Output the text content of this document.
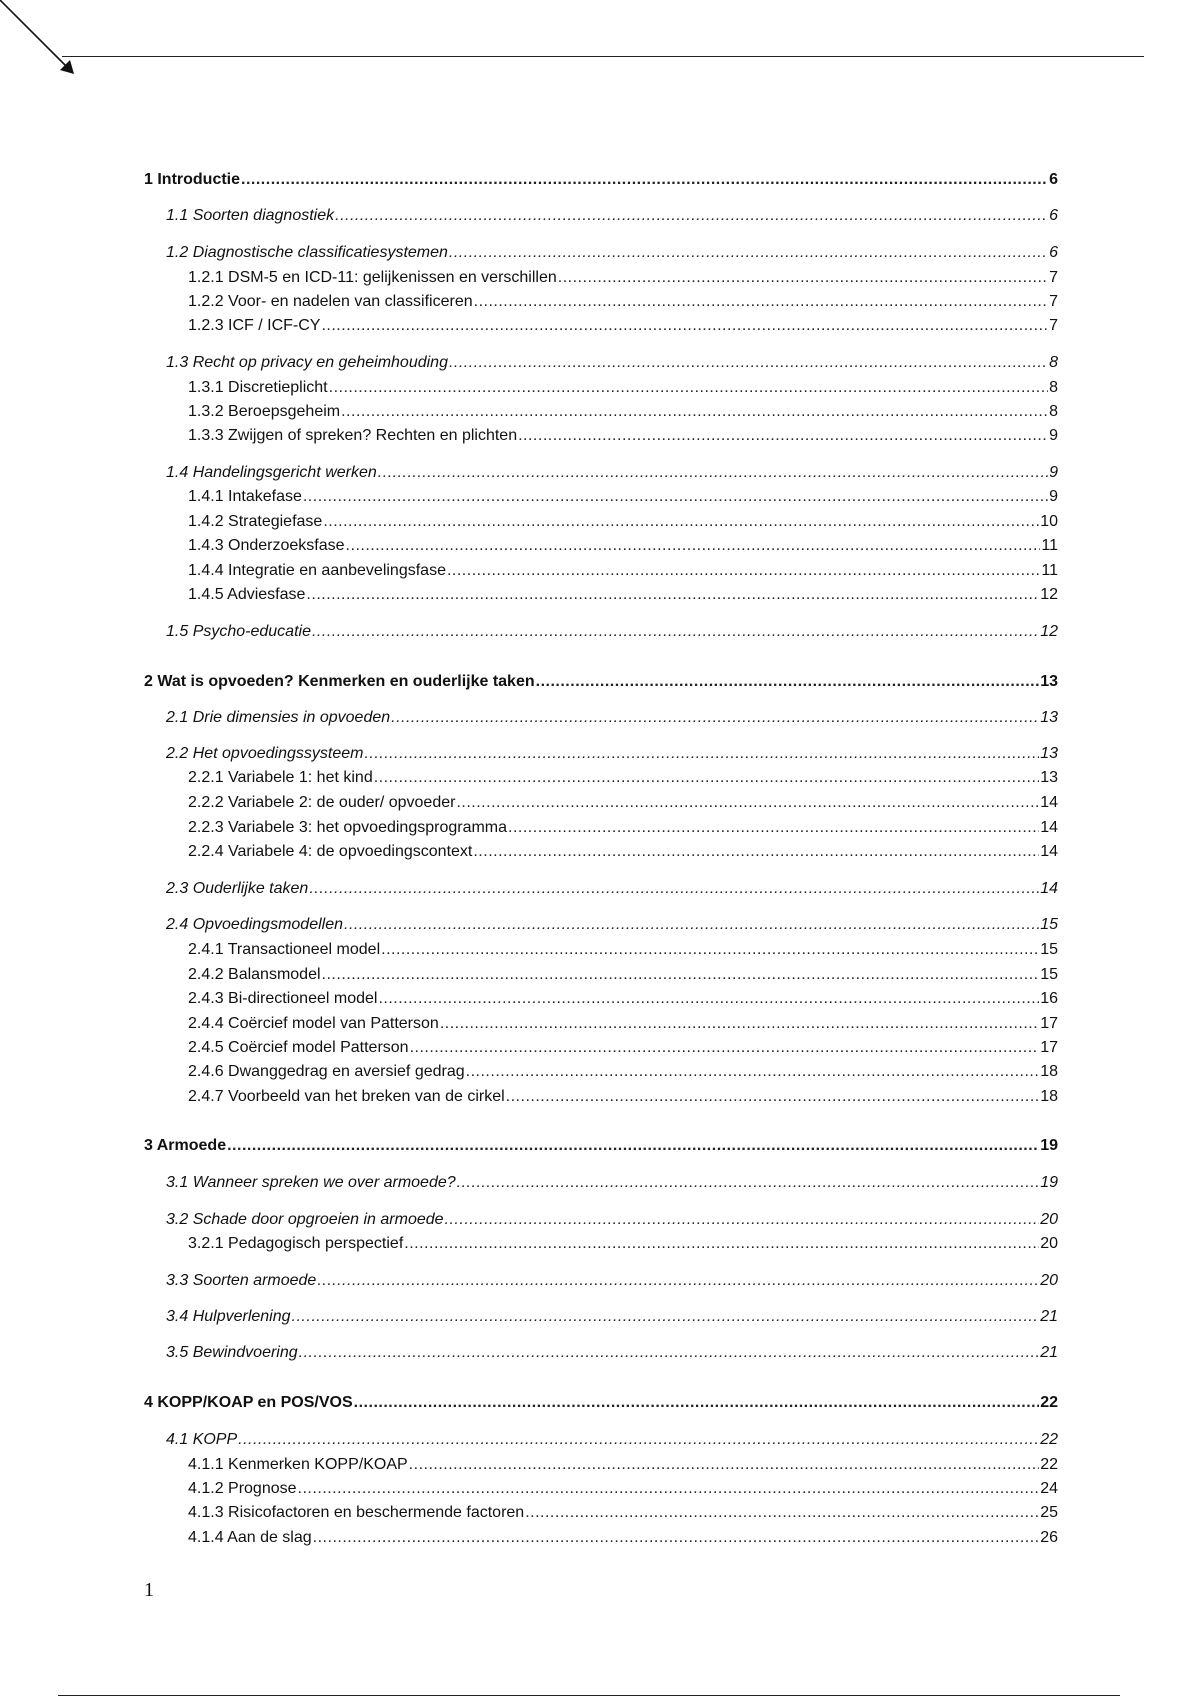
1 Introductie .....	6
1.1 Soorten diagnostiek .....	6
1.2 Diagnostische classificatiesystemen .....	6
1.2.1 DSM-5 en ICD-11: gelijkenissen en verschillen .....	7
1.2.2 Voor- en nadelen van classificeren .....	7
1.2.3 ICF / ICF-CY .....	7
1.3 Recht op privacy en geheimhouding .....	8
1.3.1 Discretieplicht .....	8
1.3.2 Beroepsgeheim .....	8
1.3.3 Zwijgen of spreken? Rechten en plichten .....	9
1.4 Handelingsgericht werken .....	9
1.4.1 Intakefase .....	9
1.4.2 Strategiefase .....	10
1.4.3 Onderzoeksfase .....	11
1.4.4 Integratie en aanbevelingsfase .....	11
1.4.5 Adviesfase .....	12
1.5 Psycho-educatie .....	12
2 Wat is opvoeden? Kenmerken en ouderlijke taken .....	13
2.1 Drie dimensies in opvoeden .....	13
2.2 Het opvoedingssysteem .....	13
2.2.1 Variabele 1: het kind .....	13
2.2.2 Variabele 2: de ouder/ opvoeder .....	14
2.2.3 Variabele 3: het opvoedingsprogramma .....	14
2.2.4 Variabele 4: de opvoedingscontext .....	14
2.3 Ouderlijke taken .....	14
2.4 Opvoedingsmodellen .....	15
2.4.1 Transactioneel model .....	15
2.4.2 Balansmodel .....	15
2.4.3 Bi-directioneel model .....	16
2.4.4 Coërcief model van Patterson .....	17
2.4.5 Coërcief model Patterson .....	17
2.4.6 Dwanggedrag en aversief gedrag .....	18
2.4.7 Voorbeeld van het breken van de cirkel .....	18
3 Armoede .....	19
3.1 Wanneer spreken we over armoede? .....	19
3.2 Schade door opgroeien in armoede .....	20
3.2.1 Pedagogisch perspectief .....	20
3.3 Soorten armoede .....	20
3.4 Hulpverlening .....	21
3.5 Bewindvoering .....	21
4 KOPP/KOAP en POS/VOS .....	22
4.1 KOPP .....	22
4.1.1 Kenmerken KOPP/KOAP .....	22
4.1.2 Prognose .....	24
4.1.3 Risicofactoren en beschermende factoren .....	25
4.1.4 Aan de slag .....	26
1
